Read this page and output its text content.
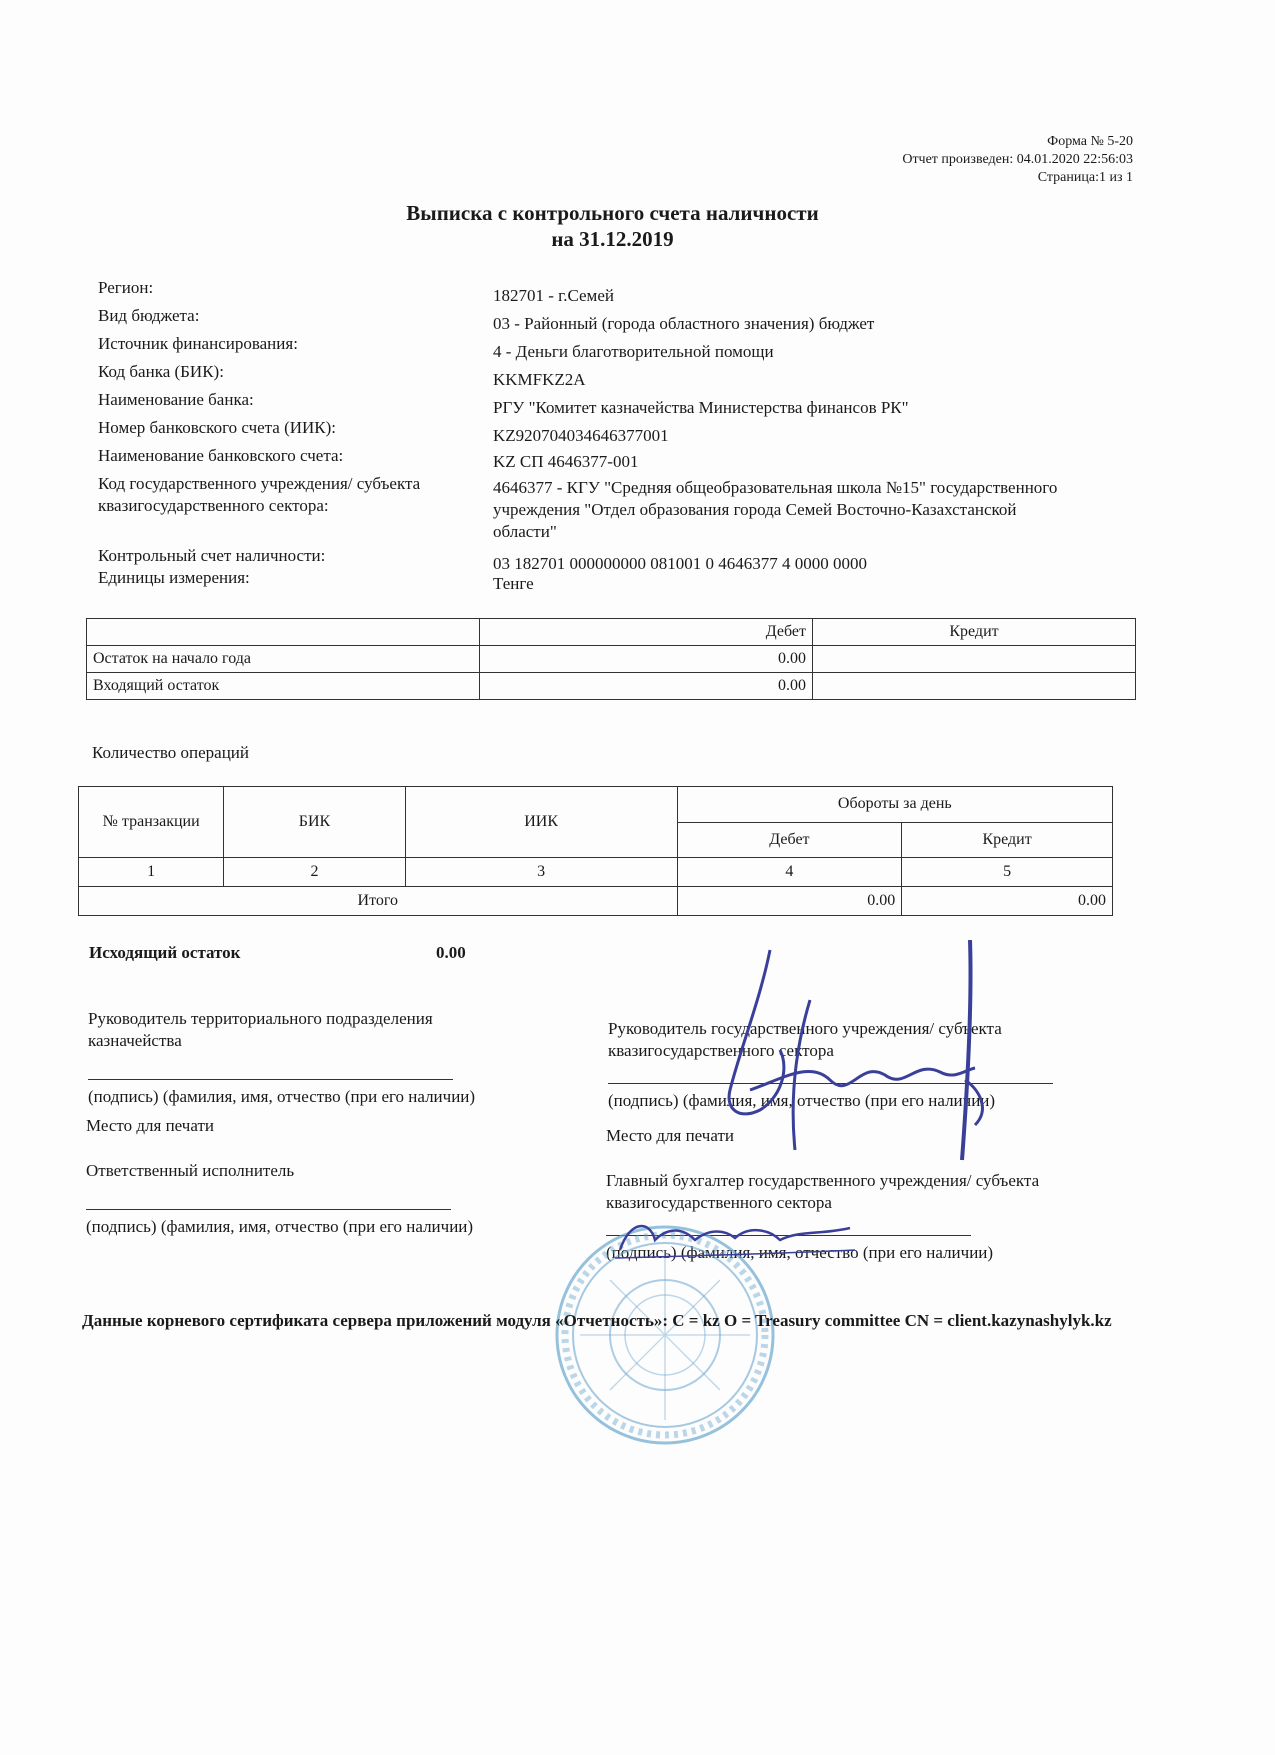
Форма № 5-20
Отчет произведен: 04.01.2020 22:56:03
Страница:1 из 1
Выписка с контрольного счета наличности
на 31.12.2019
Регион:	182701 - г.Семей
Вид бюджета:	03 - Районный (города областного значения) бюджет
Источник финансирования:	4 - Деньги благотворительной помощи
Код банка (БИК):	KKMFKZ2A
Наименование банка:	РГУ "Комитет казначейства Министерства финансов РК"
Номер банковского счета (ИИК):	KZ920704034646377001
Наименование банковского счета:	KZ СП 4646377-001
Код государственного учреждения/ субъекта квазигосударственного сектора:
4646377 - КГУ "Средняя общеобразовательная школа №15" государственного учреждения "Отдел образования города Семей Восточно-Казахстанской области"
Контрольный счет наличности:	03 182701 000000000 081001 0 4646377 4 0000 0000
Единицы измерения:	Тенге
	Дебет	Кредит
Остаток на начало года	0.00	
Входящий остаток	0.00	
Количество операций
№ транзакции	БИК	ИИК	Обороты за день	
			Дебет	Кредит
1	2	3	4	5
Итого			0.00	0.00
Исходящий остаток	0.00
Руководитель территориального подразделения казначейства
(подпись) (фамилия, имя, отчество (при его наличии)
Место для печати
Ответственный исполнитель
(подпись) (фамилия, имя, отчество (при его наличии)
Руководитель государственного учреждения/ субъекта квазигосударственного сектора
(подпись) (фамилия, имя, отчество (при его наличии)
Место для печати
Главный бухгалтер государственного учреждения/ субъекта квазигосударственного сектора
(подпись) (фамилия, имя, отчество (при его наличии)
Данные корневого сертификата сервера приложений модуля «Отчетность»: C = kz O = Treasury committee CN = client.kazynashylyk.kz
